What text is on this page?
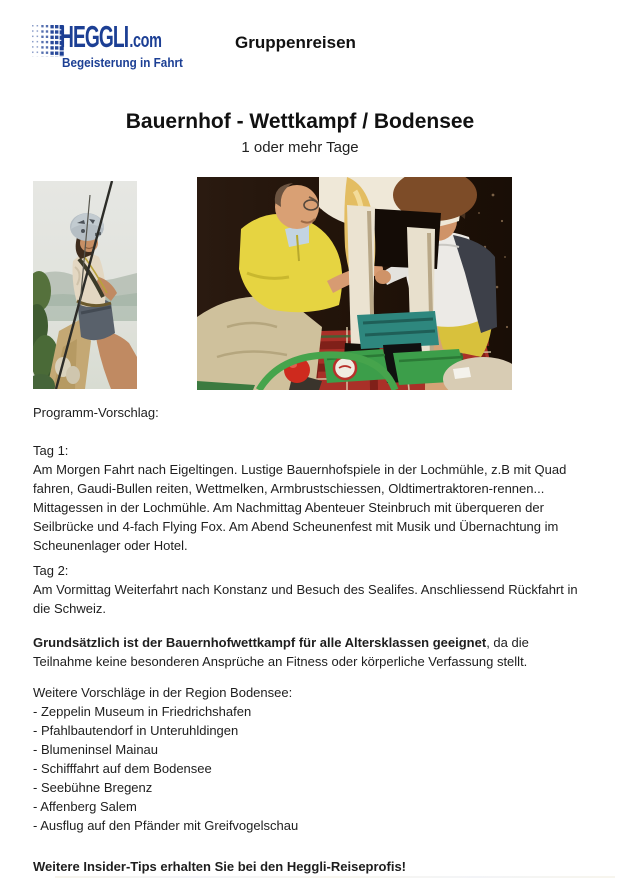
HEGGLI .com
Begeisterung in Fahrt
Gruppenreisen
Bauernhof - Wettkampf / Bodensee
1 oder mehr Tage
Programm-Vorschlag:
Tag 1:
Am Morgen Fahrt nach Eigeltingen. Lustige Bauernhofspiele in der Lochmühle, z.B mit Quad fahren, Gaudi-Bullen reiten, Wettmelken, Armbrustschiessen, Oldtimertraktoren-rennen... Mittagessen in der Lochmühle. Am Nachmittag Abenteuer Steinbruch mit überqueren der Seilbrücke und 4-fach Flying Fox. Am Abend Scheunenfest mit Musik und Übernachtung im Scheunenlager oder Hotel.
Tag 2:
Am Vormittag Weiterfahrt nach Konstanz und Besuch des Sealifes. Anschliessend Rückfahrt in die Schweiz.
Grundsätzlich ist der Bauernhofwettkampf für alle Altersklassen geeignet, da die Teilnahme keine besonderen Ansprüche an Fitness oder körperliche Verfassung stellt.
Weitere Vorschläge in der Region Bodensee:
- Zeppelin Museum in Friedrichshafen
- Pfahlbautendorf in Unteruhldingen
- Blumeninsel Mainau
- Schifffahrt auf dem Bodensee
- Seebühne Bregenz
- Affenberg Salem
- Ausflug auf den Pfänder mit Greifvogelschau
Weitere Insider-Tips erhalten Sie bei den Heggli-Reiseprofis!
